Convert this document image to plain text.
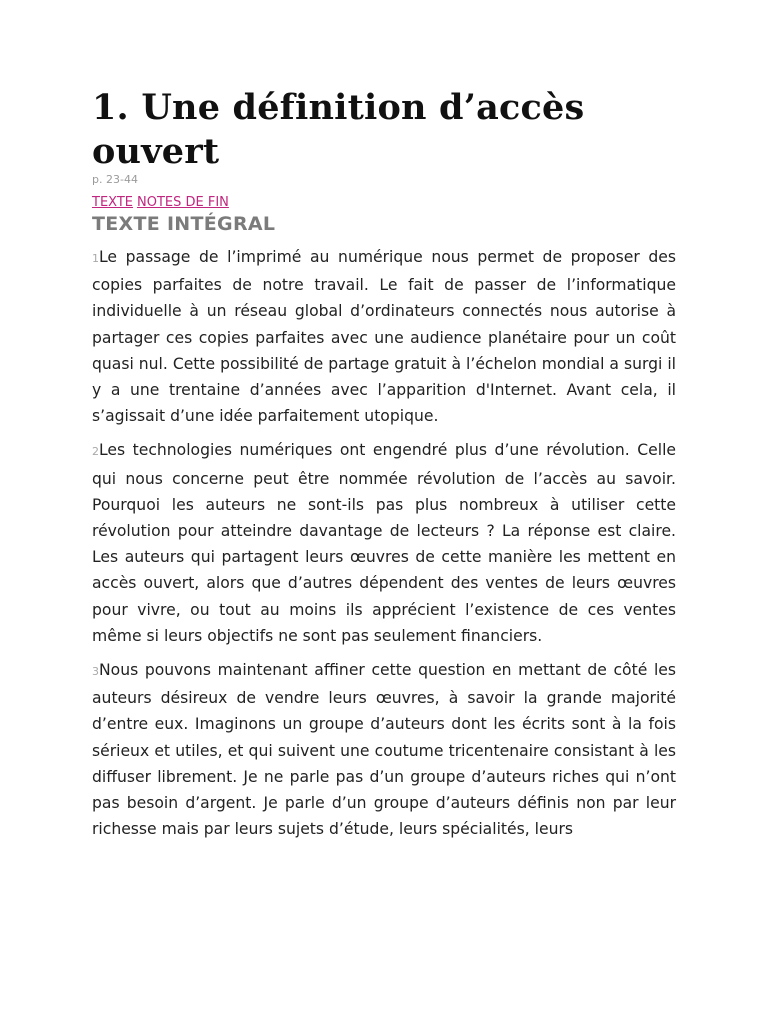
1. Une définition d’accès ouvert
p. 23-44
TEXTE NOTES DE FIN
TEXTE INTÉGRAL

1Le passage de l’imprimé au numérique nous permet de proposer des copies parfaites de notre travail. Le fait de passer de l’informatique individuelle à un réseau global d’ordinateurs connectés nous autorise à partager ces copies parfaites avec une audience planétaire pour un coût quasi nul. Cette possibilité de partage gratuit à l’échelon mondial a surgi il y a une trentaine d’années avec l’apparition d'Internet. Avant cela, il s’agissait d’une idée parfaitement utopique.

2Les technologies numériques ont engendré plus d’une révolution. Celle qui nous concerne peut être nommée révolution de l’accès au savoir. Pourquoi les auteurs ne sont-ils pas plus nombreux à utiliser cette révolution pour atteindre davantage de lecteurs ? La réponse est claire. Les auteurs qui partagent leurs œuvres de cette manière les mettent en accès ouvert, alors que d’autres dépendent des ventes de leurs œuvres pour vivre, ou tout au moins ils apprécient l’existence de ces ventes même si leurs objectifs ne sont pas seulement financiers.

3Nous pouvons maintenant affiner cette question en mettant de côté les auteurs désireux de vendre leurs œuvres, à savoir la grande majorité d’entre eux. Imaginons un groupe d’auteurs dont les écrits sont à la fois sérieux et utiles, et qui suivent une coutume tricentenaire consistant à les diffuser librement. Je ne parle pas d’un groupe d’auteurs riches qui n’ont pas besoin d’argent. Je parle d’un groupe d’auteurs définis non par leur richesse mais par leurs sujets d’étude, leurs spécialités, leurs
